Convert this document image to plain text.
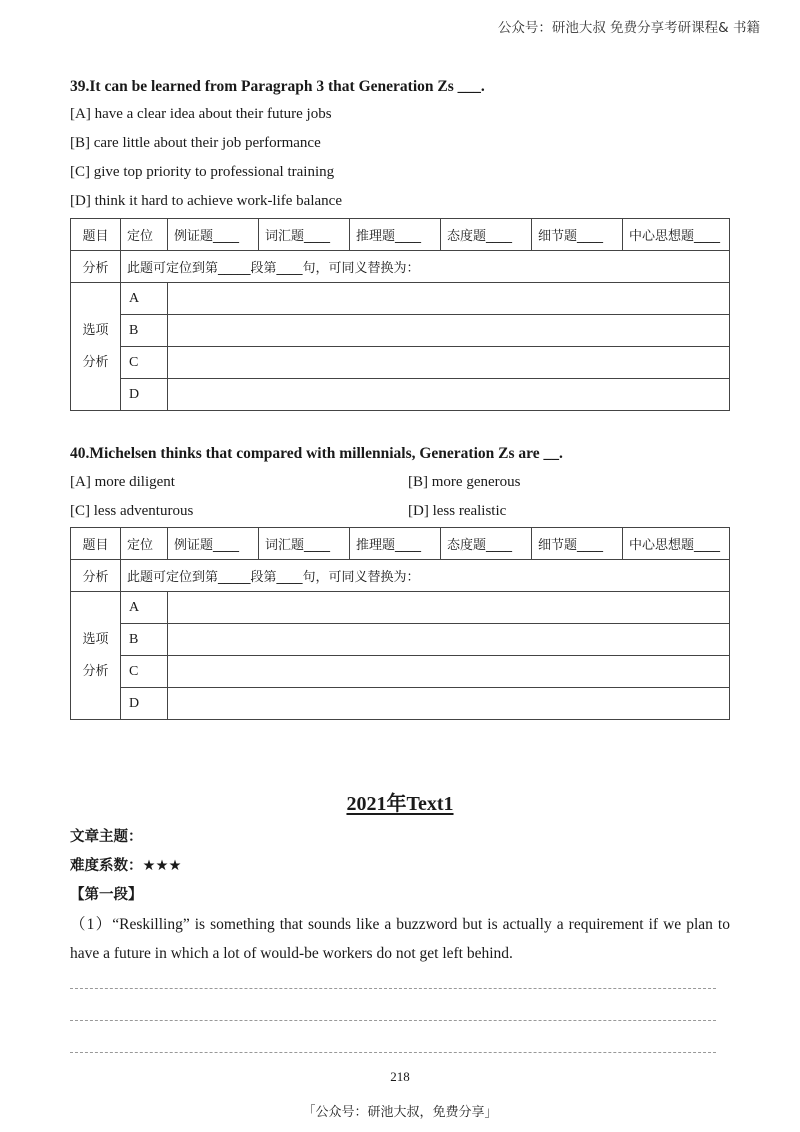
公众号：研池大叔 免费分享考研课程& 书籍
39.It can be learned from Paragraph 3 that Generation Zs ___.
[A] have a clear idea about their future jobs
[B] care little about their job performance
[C] give top priority to professional training
[D] think it hard to achieve work-life balance
题目	定位	例证题____	词汇题____	推理题____	态度题____	细节题____	中心思想题____
分析	此题可定位到第_____段第____句，可同义替换为：						

选项
分析	A						
	B						
	C						
	D						
40.Michelsen thinks that compared with millennials, Generation Zs are __.
[A] more diligent	[B] more generous
[C] less adventurous	[D] less realistic
题目	定位	例证题____	词汇题____	推理题____	态度题____	细节题____	中心思想题____
分析	此题可定位到第_____段第____句，可同义替换为：						

选项
分析	A						
	B						
	C						
	D						
2021年Text1
文章主题：
难度系数：★★★
【第一段】
（1）“Reskilling” is something that sounds like a buzzword but is actually a requirement if we plan to have a future in which a lot of would-be workers do not get left behind.
218
「公众号：研池大叔，免费分享」
